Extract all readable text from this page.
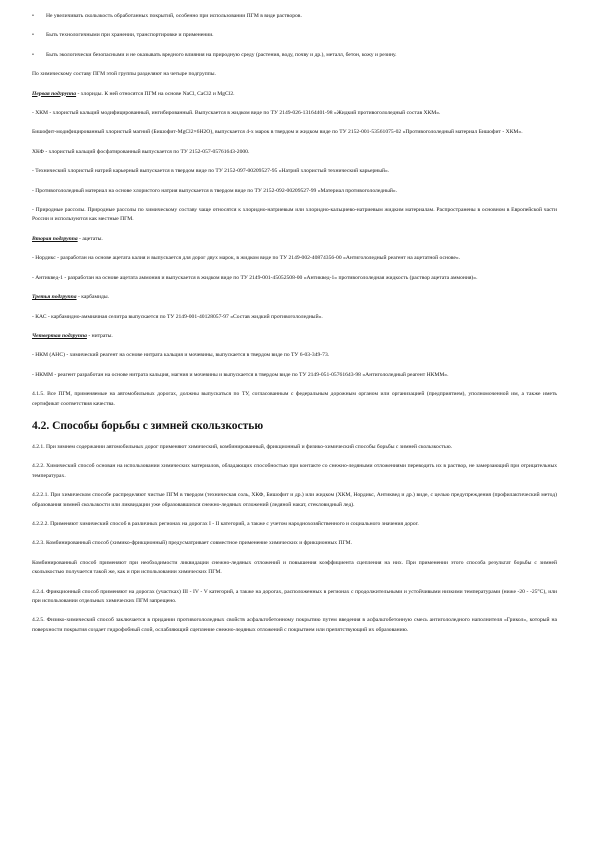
•	Не увеличивать скользкость обработанных покрытий, особенно при использовании ПГМ в виде растворов.
•	Быть технологичными при хранении, транспортировке и применении.
•	Быть экологически безопасными и не оказывать вредного влияния на природную среду (растения, воду, почву и др.), металл, бетон, кожу и резину.

По химическому составу ПГМ этой группы разделяют на четыре подгруппы.

Первая подгруппа - хлориды. К ней относятся ПГМ на основе NaCl, CaCl2 и MgCl2.

- ХКМ - хлористый кальций модифицированный, ингибированный. Выпускается в жидком виде по ТУ 2149-026-13164401-98 «Жидкий противогололедный состав ХКМ».

Бишофит-модифицированный хлористый магний (Бишофит-MgCl2×6H2O), выпускается 4-х марок в твердом и жидком виде по ТУ 2152-001-53561075-02 «Противогололедный материал Бишофит - ХКМ».

ХКФ - хлористый кальций фосфатированный выпускается по ТУ 2152-057-05761643-2000.

- Технический хлористый натрий карьерный выпускается в твердом виде по ТУ 2152-097-00209527-95 «Натрий хлористый технический карьерный».

- Противогололедный материал на основе хлористого натрия выпускается в твердом виде по ТУ 2152-092-00209527-99 «Материал противогололедный».

- Природные рассолы. Природные рассолы по химическому составу чаще относятся к хлоридно-натриевым или хлоридно-кальциево-натриевым жидким материалам. Распространены в основном в Европейской части России и используются как местные ПГМ.

Вторая подгруппа - ацетаты.

- Нордикс - разработан на основе ацетата калия и выпускается для дорог двух марок, в жидком виде по ТУ 2149-002-40874356-00 «Антигололедный реагент на ацетатной основе».

- Антиквед-1 - разработан на основе ацетата аммония и выпускается в жидком виде по ТУ 2149-001-45052508-00 «Антиквед-1» противогололедная жидкость (раствор ацетата аммония)».

Третья подгруппа - карбамиды.

- КАС - карбамидно-аммиачная селитра выпускается по ТУ 2149-001-40128057-97 «Состав жидкий противогололедный».

Четвертая подгруппа - нитраты.

- НКМ (АНС) - химический реагент на основе нитрата кальция и мочевины, выпускается в твердом виде по ТУ 6-03-349-73.

- НКММ - реагент разработан на основе нитрата кальция, магния и мочевины и выпускается в твердом виде по ТУ 2149-051-05761643-98 «Антигололедный реагент НКММ».

4.1.5. Все ПГМ, применяемые на автомобильных дорогах, должны выпускаться по ТУ, согласованным с федеральным дорожным органом или организацией (предприятием), уполномоченной им, а также иметь сертификат соответствия качества.

4.2. Способы борьбы с зимней скользкостью

4.2.1. При зимнем содержании автомобильных дорог применяют химический, комбинированный, фрикционный и физико-химический способы борьбы с зимней скользкостью.

4.2.2. Химический способ основан на использовании химических материалов, обладающих способностью при контакте со снежно-ледяными отложениями переводить их в раствор, не замерзающий при отрицательных температурах.

4.2.2.1. При химическом способе распределяют чистые ПГМ в твердом (техническая соль, ХКФ, Бишофит и др.) или жидком (ХКМ, Нордикс, Антиквед и др.) виде, с целью предупреждения (профилактический метод) образования зимней скользкости или ликвидации уже образовавшихся снежно-ледяных отложений (ледяной накат, стекловидный лед).

4.2.2.2. Применяют химический способ в различных регионах на дорогах I - II категорий, а также с учетом народнохозяйственного и социального значения дорог.

4.2.3. Комбинированный способ (химико-фрикционный) предусматривает совместное применение химических и фрикционных ПГМ.

Комбинированный способ применяют при необходимости ликвидации снежно-ледяных отложений и повышения коэффициента сцепления на них. При применении этого способа результат борьбы с зимней скользкостью получается такой же, как и при использовании химических ПГМ.

4.2.4. Фрикционный способ применяют на дорогах (участках) III - IV - V категорий, а также на дорогах, расположенных в регионах с продолжительными и устойчивыми низкими температурами (ниже -20 - -25°С), или при использовании отдельных химических ПГМ запрещено.

4.2.5. Физико-химический способ заключается в придании противогололедных свойств асфальтобетонному покрытию путем введения в асфальтобетонную смесь антигололедного наполнителя «Грикол», который на поверхности покрытия создает гидрофобный слой, ослабляющий сцепление снежно-ледяных отложений с покрытием или препятствующий их образованию.
